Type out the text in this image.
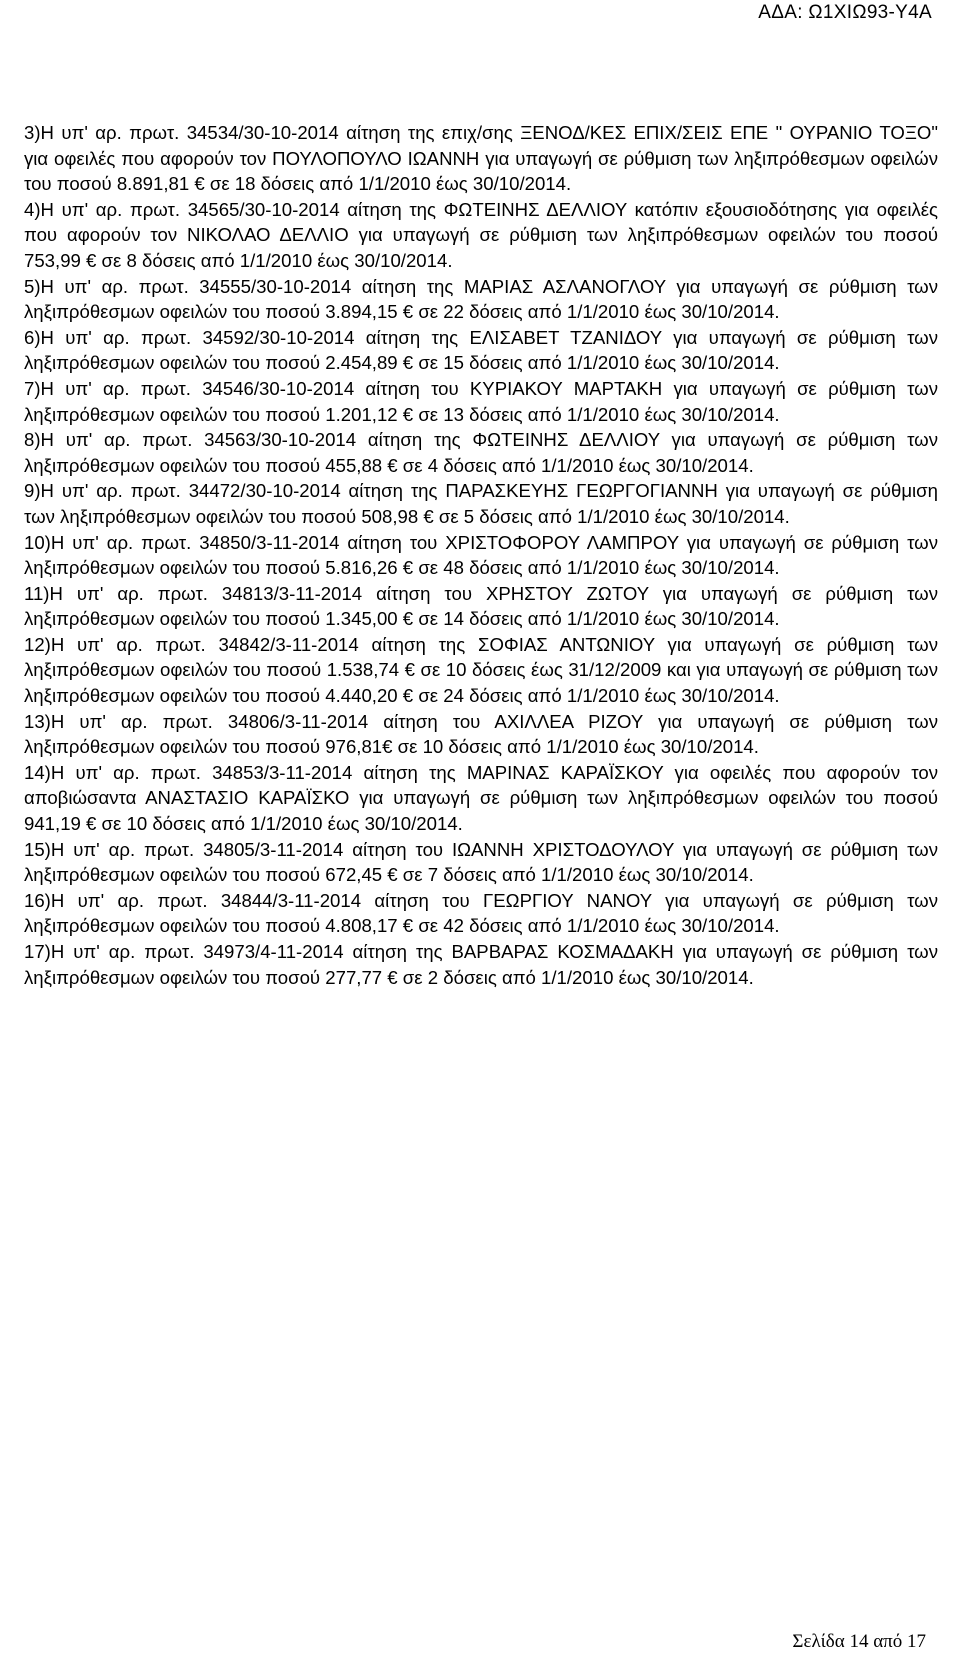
ΑΔΑ: Ω1ΧΙΩ93-Υ4Α

3)Η υπ' αρ. πρωτ. 34534/30-10-2014 αίτηση της επιχ/σης ΞΕΝΟΔ/ΚΕΣ ΕΠΙΧ/ΣΕΙΣ ΕΠΕ " ΟΥΡΑΝΙΟ ΤΟΞΟ" για οφειλές που αφορούν τον ΠΟΥΛΟΠΟΥΛΟ ΙΩΑΝΝΗ για υπαγωγή σε ρύθμιση των ληξιπρόθεσμων οφειλών του ποσού 8.891,81 € σε 18 δόσεις από 1/1/2010 έως 30/10/2014.

4)Η υπ' αρ. πρωτ. 34565/30-10-2014 αίτηση της ΦΩΤΕΙΝΗΣ ΔΕΛΛΙΟΥ κατόπιν εξουσιοδότησης για οφειλές που αφορούν τον ΝΙΚΟΛΑΟ ΔΕΛΛΙΟ για υπαγωγή σε ρύθμιση των ληξιπρόθεσμων οφειλών του ποσού 753,99 € σε 8 δόσεις από 1/1/2010 έως 30/10/2014.

5)Η υπ' αρ. πρωτ. 34555/30-10-2014 αίτηση της ΜΑΡΙΑΣ ΑΣΛΑΝΟΓΛΟΥ για υπαγωγή σε ρύθμιση των ληξιπρόθεσμων οφειλών του ποσού 3.894,15 € σε 22 δόσεις από 1/1/2010 έως 30/10/2014.

6)Η υπ' αρ. πρωτ. 34592/30-10-2014 αίτηση της ΕΛΙΣΑΒΕΤ ΤΖΑΝΙΔΟΥ για υπαγωγή σε ρύθμιση των ληξιπρόθεσμων οφειλών του ποσού 2.454,89 € σε 15 δόσεις από 1/1/2010 έως 30/10/2014.

7)Η υπ' αρ. πρωτ. 34546/30-10-2014 αίτηση του ΚΥΡΙΑΚΟΥ ΜΑΡΤΑΚΗ για υπαγωγή σε ρύθμιση των ληξιπρόθεσμων οφειλών του ποσού 1.201,12 € σε 13 δόσεις από 1/1/2010 έως 30/10/2014.

8)Η υπ' αρ. πρωτ. 34563/30-10-2014 αίτηση της ΦΩΤΕΙΝΗΣ ΔΕΛΛΙΟΥ για υπαγωγή σε ρύθμιση των ληξιπρόθεσμων οφειλών του ποσού 455,88 € σε 4 δόσεις από 1/1/2010 έως 30/10/2014.

9)Η υπ' αρ. πρωτ. 34472/30-10-2014 αίτηση της ΠΑΡΑΣΚΕΥΗΣ ΓΕΩΡΓΟΓΙΑΝΝΗ για υπαγωγή σε ρύθμιση των ληξιπρόθεσμων οφειλών του ποσού 508,98 € σε 5 δόσεις από 1/1/2010 έως 30/10/2014.

10)Η υπ' αρ. πρωτ. 34850/3-11-2014 αίτηση του ΧΡΙΣΤΟΦΟΡΟΥ ΛΑΜΠΡΟΥ για υπαγωγή σε ρύθμιση των ληξιπρόθεσμων οφειλών του ποσού 5.816,26 € σε 48 δόσεις από 1/1/2010 έως 30/10/2014.

11)Η υπ' αρ. πρωτ. 34813/3-11-2014 αίτηση του ΧΡΗΣΤΟΥ ΖΩΤΟΥ για υπαγωγή σε ρύθμιση των ληξιπρόθεσμων οφειλών του ποσού 1.345,00 € σε 14 δόσεις από 1/1/2010 έως 30/10/2014.

12)Η υπ' αρ. πρωτ. 34842/3-11-2014 αίτηση της ΣΟΦΙΑΣ ΑΝΤΩΝΙΟΥ για υπαγωγή σε ρύθμιση των ληξιπρόθεσμων οφειλών του ποσού 1.538,74 € σε 10 δόσεις έως 31/12/2009 και για υπαγωγή σε ρύθμιση των ληξιπρόθεσμων οφειλών του ποσού 4.440,20 € σε 24 δόσεις από 1/1/2010 έως 30/10/2014.

13)Η υπ' αρ. πρωτ. 34806/3-11-2014 αίτηση του ΑΧΙΛΛΕΑ ΡΙΖΟΥ για υπαγωγή σε ρύθμιση των ληξιπρόθεσμων οφειλών του ποσού 976,81€ σε 10 δόσεις από 1/1/2010 έως 30/10/2014.

14)Η υπ' αρ. πρωτ. 34853/3-11-2014 αίτηση της ΜΑΡΙΝΑΣ ΚΑΡΑΪΣΚΟΥ για οφειλές που αφορούν τον αποβιώσαντα ΑΝΑΣΤΑΣΙΟ ΚΑΡΑΪΣΚΟ για υπαγωγή σε ρύθμιση των ληξιπρόθεσμων οφειλών του ποσού 941,19 € σε 10 δόσεις από 1/1/2010 έως 30/10/2014.

15)Η υπ' αρ. πρωτ. 34805/3-11-2014 αίτηση του ΙΩΑΝΝΗ ΧΡΙΣΤΟΔΟΥΛΟΥ για υπαγωγή σε ρύθμιση των ληξιπρόθεσμων οφειλών του ποσού 672,45 € σε 7 δόσεις από 1/1/2010 έως 30/10/2014.

16)Η υπ' αρ. πρωτ. 34844/3-11-2014 αίτηση του ΓΕΩΡΓΙΟΥ ΝΑΝΟΥ για υπαγωγή σε ρύθμιση των ληξιπρόθεσμων οφειλών του ποσού 4.808,17 € σε 42 δόσεις από 1/1/2010 έως 30/10/2014.

17)Η υπ' αρ. πρωτ. 34973/4-11-2014 αίτηση της ΒΑΡΒΑΡΑΣ ΚΟΣΜΑΔΑΚΗ για υπαγωγή σε ρύθμιση των ληξιπρόθεσμων οφειλών του ποσού 277,77 € σε 2 δόσεις από 1/1/2010 έως 30/10/2014.

Σελίδα 14 από 17
